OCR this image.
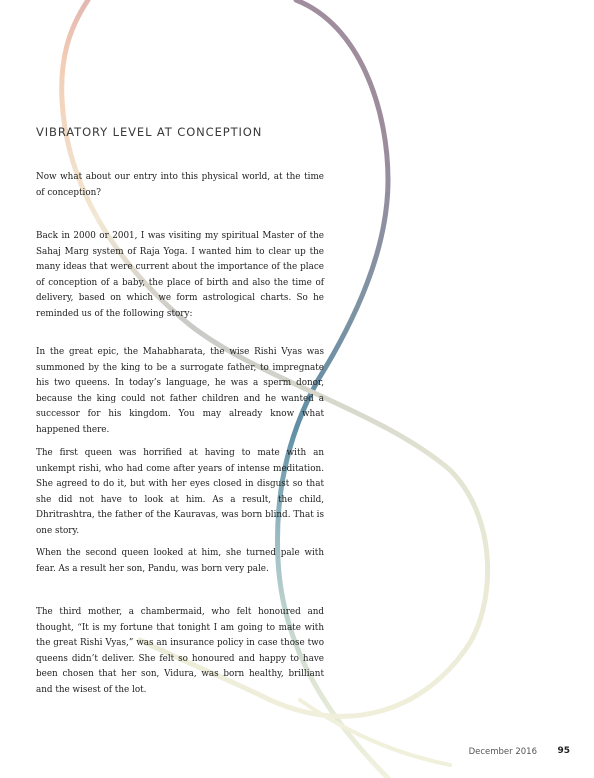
VIBRATORY LEVEL AT CONCEPTION

Now what about our entry into this physical world, at the time of conception?

Back in 2000 or 2001, I was visiting my spiritual Master of the Sahaj Marg system of Raja Yoga. I wanted him to clear up the many ideas that were current about the importance of the place of conception of a baby, the place of birth and also the time of delivery, based on which we form astrological charts. So he reminded us of the following story:

In the great epic, the Mahabharata, the wise Rishi Vyas was summoned by the king to be a surrogate father, to impregnate his two queens. In today’s language, he was a sperm donor, because the king could not father children and he wanted a successor for his kingdom. You may already know what happened there.

The first queen was horrified at having to mate with an unkempt rishi, who had come after years of intense meditation. She agreed to do it, but with her eyes closed in disgust so that she did not have to look at him. As a result, the child, Dhritrashtra, the father of the Kauravas, was born blind. That is one story.

When the second queen looked at him, she turned pale with fear. As a result her son, Pandu, was born very pale.

The third mother, a chambermaid, who felt honoured and thought, “It is my fortune that tonight I am going to mate with the great Rishi Vyas,” was an insurance policy in case those two queens didn’t deliver. She felt so honoured and happy to have been chosen that her son, Vidura, was born healthy, brilliant and the wisest of the lot.

December 2016 95
